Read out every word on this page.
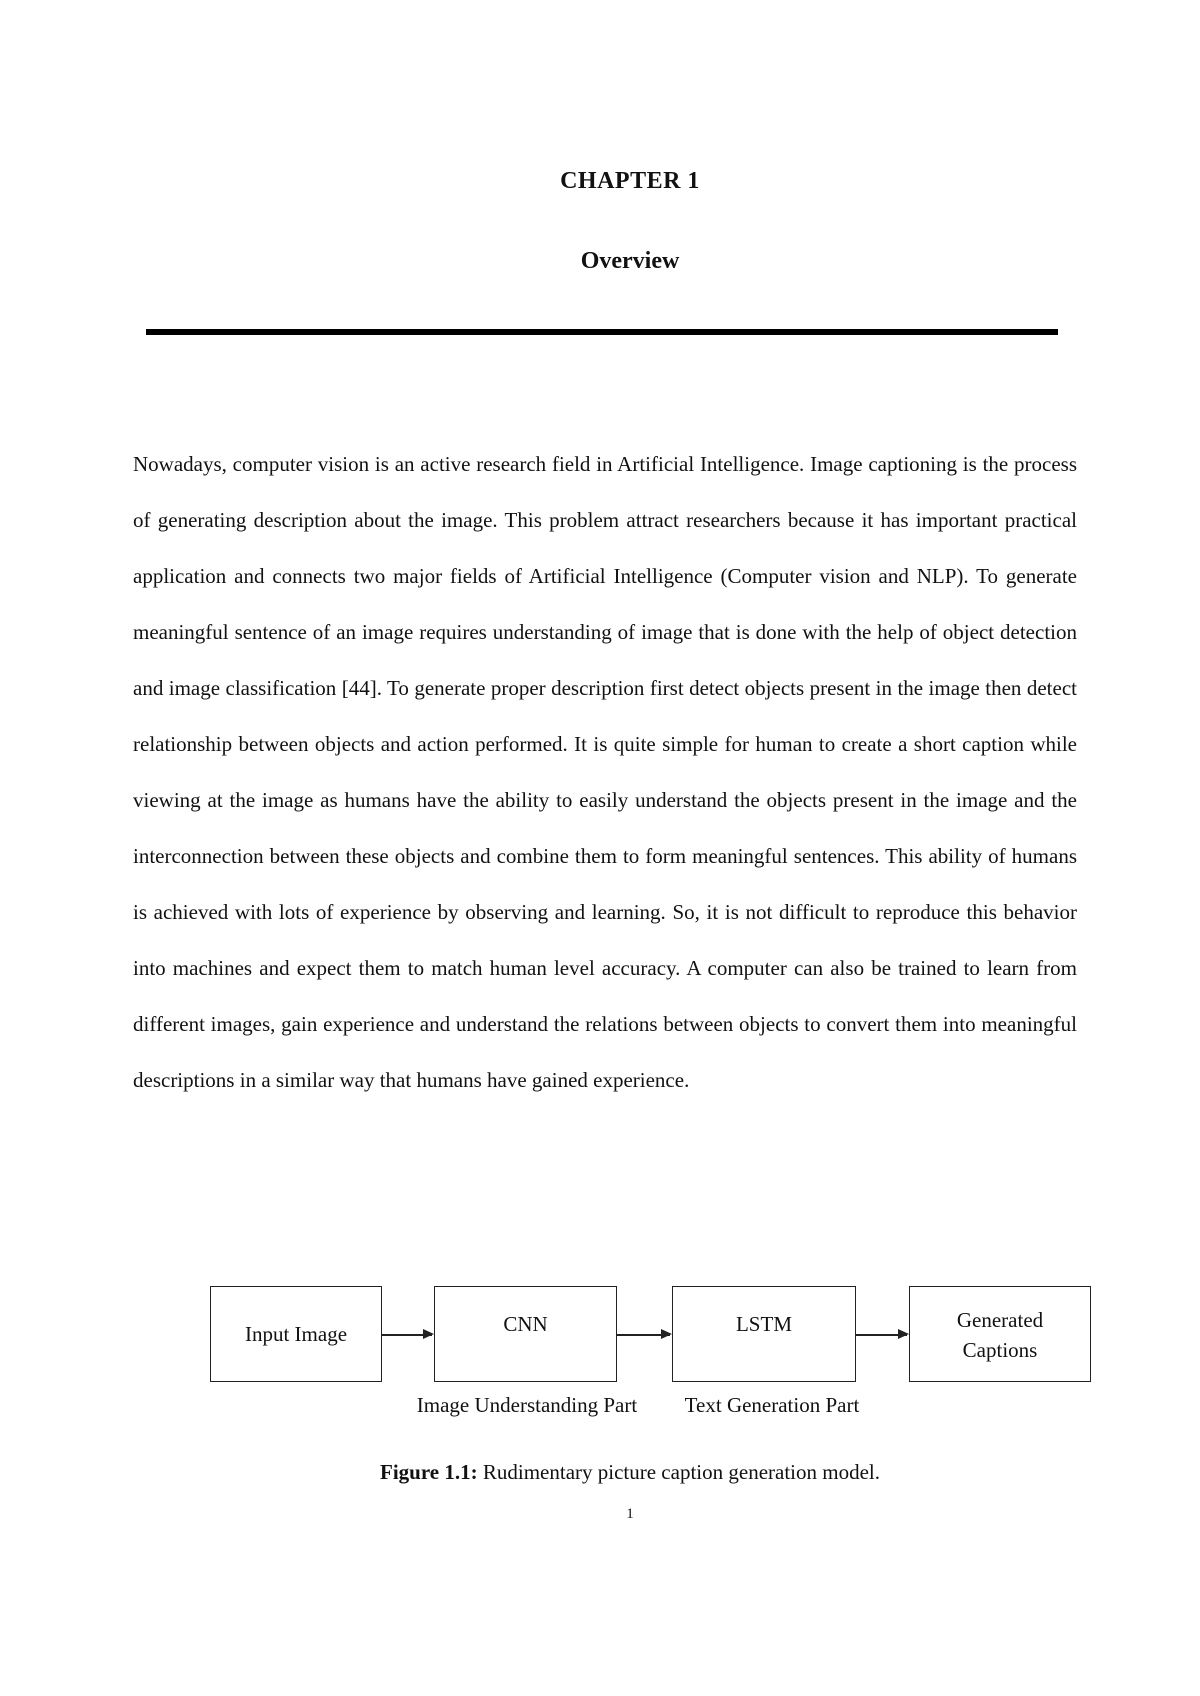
CHAPTER 1
Overview

Nowadays, computer vision is an active research field in Artificial Intelligence. Image captioning is the process of generating description about the image. This problem attract researchers because it has important practical application and connects two major fields of Artificial Intelligence (Computer vision and NLP). To generate meaningful sentence of an image requires understanding of image that is done with the help of object detection and image classification [44]. To generate proper description first detect objects present in the image then detect relationship between objects and action performed. It is quite simple for human to create a short caption while viewing at the image as humans have the ability to easily understand the objects present in the image and the interconnection between these objects and combine them to form meaningful sentences. This ability of humans is achieved with lots of experience by observing and learning. So, it is not difficult to reproduce this behavior into machines and expect them to match human level accuracy. A computer can also be trained to learn from different images, gain experience and understand the relations between objects to convert them into meaningful descriptions in a similar way that humans have gained experience.

Input Image	CNN	LSTM	Generated Captions
Image Understanding Part	Text Generation Part
Figure 1.1: Rudimentary picture caption generation model.
1
